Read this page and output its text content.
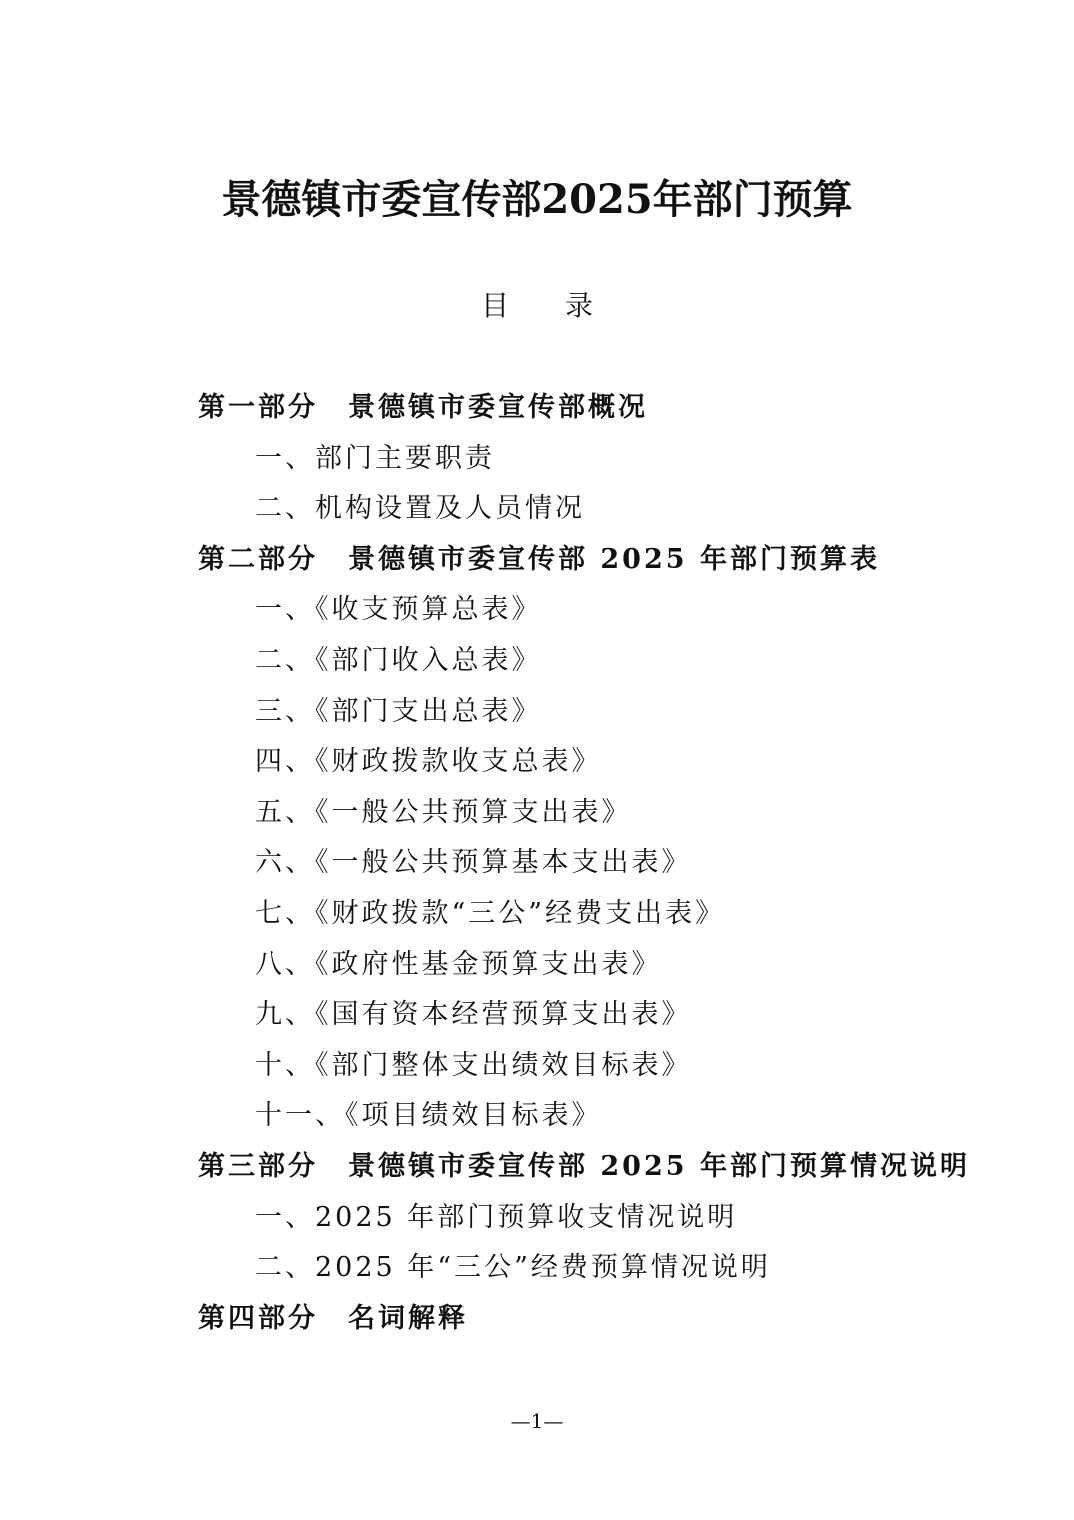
景德镇市委宣传部2025年部门预算
目　　录
第一部分　景德镇市委宣传部概况
一、部门主要职责
二、机构设置及人员情况
第二部分　景德镇市委宣传部 2025 年部门预算表
一、《收支预算总表》
二、《部门收入总表》
三、《部门支出总表》
四、《财政拨款收支总表》
五、《一般公共预算支出表》
六、《一般公共预算基本支出表》
七、《财政拨款“三公”经费支出表》
八、《政府性基金预算支出表》
九、《国有资本经营预算支出表》
十、《部门整体支出绩效目标表》
十一、《项目绩效目标表》
第三部分　景德镇市委宣传部 2025 年部门预算情况说明
一、2025 年部门预算收支情况说明
二、2025 年“三公”经费预算情况说明
第四部分　名词解释
—1—
